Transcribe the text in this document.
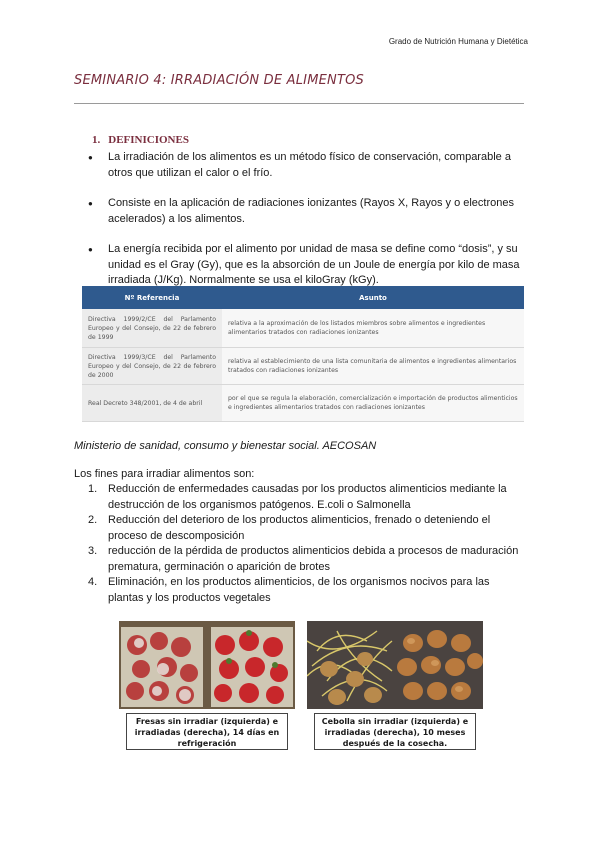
Grado de Nutrición Humana y Dietética
SEMINARIO 4: IRRADIACIÓN DE ALIMENTOS
1. DEFINICIONES
● La irradiación de los alimentos es un método físico de conservación, comparable a otros que utilizan el calor o el frío.
● Consiste en la aplicación de radiaciones ionizantes (Rayos X, Rayos y o electrones acelerados) a los alimentos.
● La energía recibida por el alimento por unidad de masa se define como “dosis”, y su unidad es el Gray (Gy), que es la absorción de un Joule de energía por kilo de masa irradiada (J/Kg). Normalmente se usa el kiloGray (kGy).
Nº Referencia	Asunto
Directiva 1999/2/CE del Parlamento Europeo y del Consejo, de 22 de febrero de 1999	relativa a la aproximación de los listados miembros sobre alimentos e ingredientes alimentarios tratados con radiaciones ionizantes
Directiva 1999/3/CE del Parlamento Europeo y del Consejo, de 22 de febrero de 2000	relativa al establecimiento de una lista comunitaria de alimentos e ingredientes alimentarios tratados con radiaciones ionizantes
Real Decreto 348/2001, de 4 de abril	por el que se regula la elaboración, comercialización e importación de productos alimenticios e ingredientes alimentarios tratados con radiaciones ionizantes
Ministerio de sanidad, consumo y bienestar social. AECOSAN
Los fines para irradiar alimentos son:
1. Reducción de enfermedades causadas por los productos alimenticios mediante la destrucción de los organismos patógenos. E.coli o Salmonella
2. Reducción del deterioro de los productos alimenticios, frenado o deteniendo el proceso de descomposición
3. reducción de la pérdida de productos alimenticios debida a procesos de maduración prematura, germinación o aparición de brotes
4. Eliminación, en los productos alimenticios, de los organismos nocivos para las plantas y los productos vegetales
Fresas sin irradiar (izquierda) e irradiadas (derecha), 14 días en refrigeración
Cebolla sin irradiar (izquierda) e irradiadas (derecha), 10 meses después de la cosecha.
